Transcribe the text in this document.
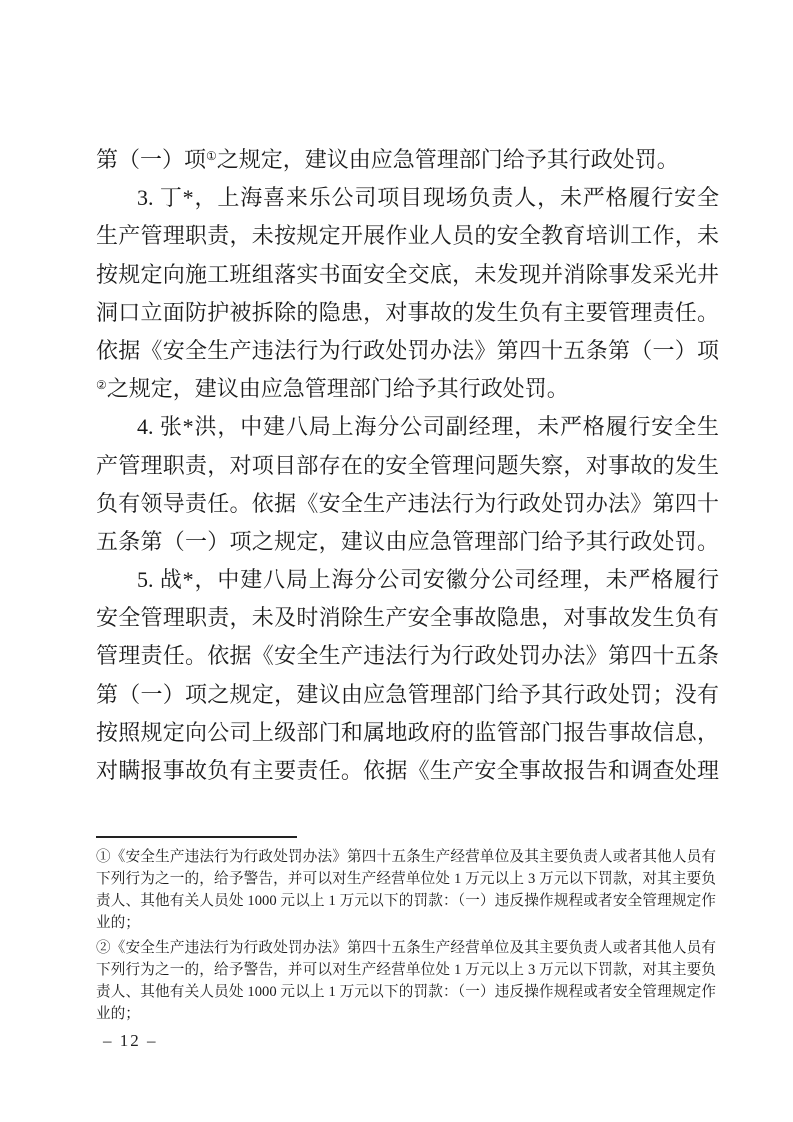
第（一）项①之规定，建议由应急管理部门给予其行政处罚。
3. 丁*，上海喜来乐公司项目现场负责人，未严格履行安全
生产管理职责，未按规定开展作业人员的安全教育培训工作，未
按规定向施工班组落实书面安全交底，未发现并消除事发采光井
洞口立面防护被拆除的隐患，对事故的发生负有主要管理责任。
依据《安全生产违法行为行政处罚办法》第四十五条第（一）项
②之规定，建议由应急管理部门给予其行政处罚。
4. 张*洪，中建八局上海分公司副经理，未严格履行安全生
产管理职责，对项目部存在的安全管理问题失察，对事故的发生
负有领导责任。依据《安全生产违法行为行政处罚办法》第四十
五条第（一）项之规定，建议由应急管理部门给予其行政处罚。
5. 战*，中建八局上海分公司安徽分公司经理，未严格履行
安全管理职责，未及时消除生产安全事故隐患，对事故发生负有
管理责任。依据《安全生产违法行为行政处罚办法》第四十五条
第（一）项之规定，建议由应急管理部门给予其行政处罚；没有
按照规定向公司上级部门和属地政府的监管部门报告事故信息，
对瞒报事故负有主要责任。依据《生产安全事故报告和调查处理
①《安全生产违法行为行政处罚办法》第四十五条生产经营单位及其主要负责人或者其他人员有下列行为之一的，给予警告，并可以对生产经营单位处 1 万元以上 3 万元以下罚款，对其主要负责人、其他有关人员处 1000 元以上 1 万元以下的罚款：（一）违反操作规程或者安全管理规定作业的；
②《安全生产违法行为行政处罚办法》第四十五条生产经营单位及其主要负责人或者其他人员有下列行为之一的，给予警告，并可以对生产经营单位处 1 万元以上 3 万元以下罚款，对其主要负责人、其他有关人员处 1000 元以上 1 万元以下的罚款：（一）违反操作规程或者安全管理规定作业的；
– 12 –
